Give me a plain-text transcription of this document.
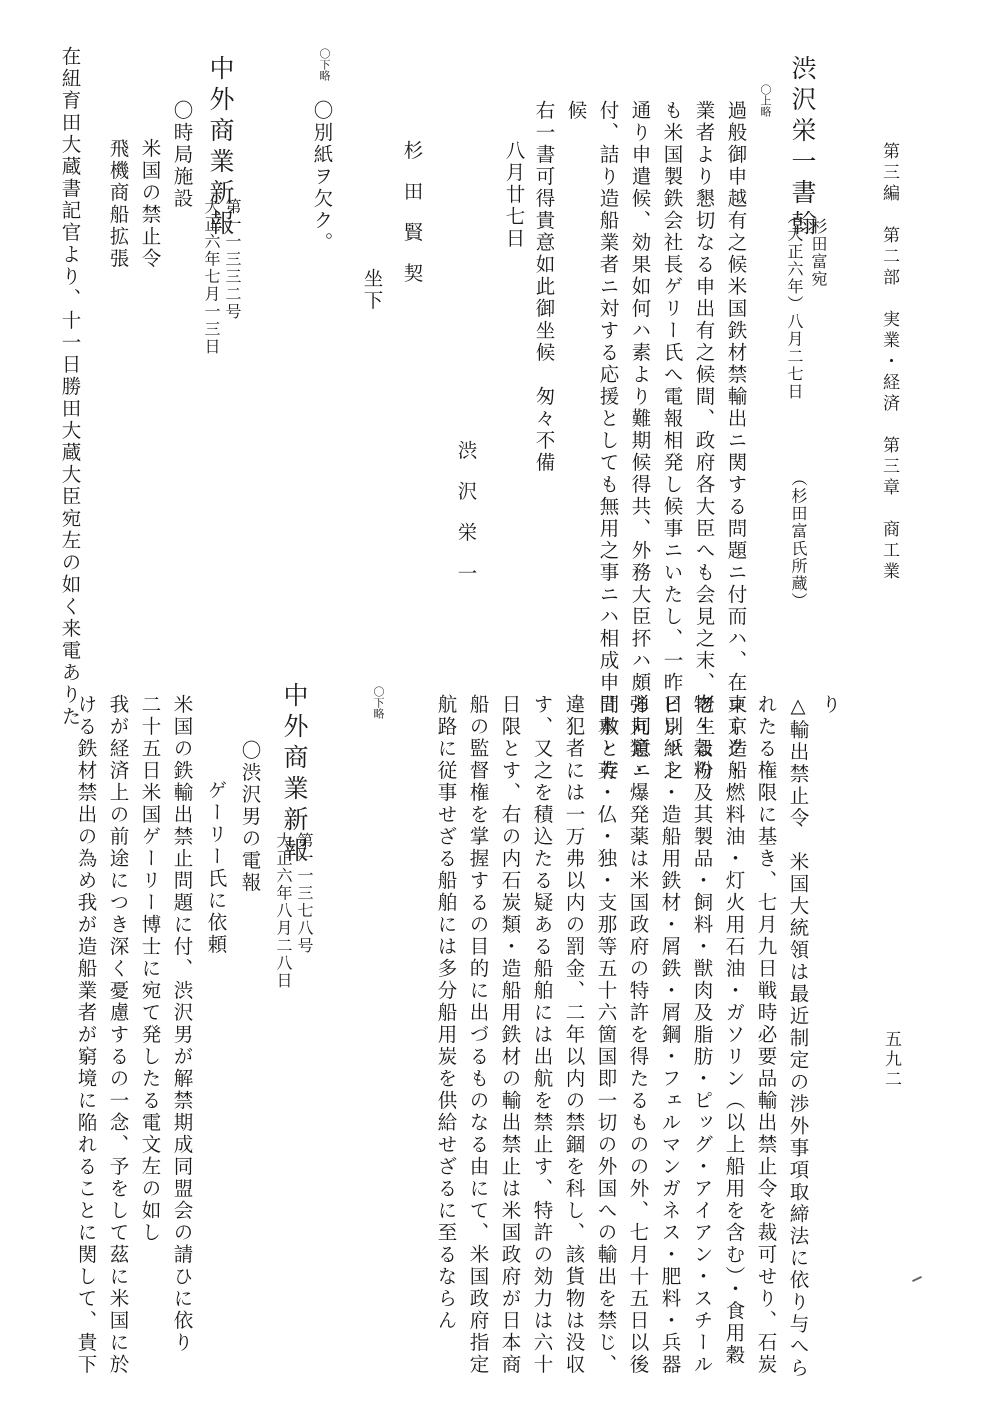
第三編　第二部　実業・経済　第三章　商工業
五九二
渋沢栄一書翰
杉田富宛
（大正六年）八月二七日
（杉田富氏所蔵）
〇上略
過般御申越有之候米国鉄材禁輸出ニ関する問題ニ付而ハ、在東京造船
業者より懇切なる申出有之候間、政府各大臣へも会見之末、老生より
も米国製鉄会社長ゲリー氏へ電報相発し候事ニいたし、一昨日別紙之
通り申遣候、効果如何ハ素より難期候得共、外務大臣抔ハ頗る同意ニ
付、詰り造船業者ニ対する応援としても無用之事ニハ相成申間敷と存
候
右一書可得貴意如此御坐候　匆々不備
八月廿七日
渋　沢　栄　一
杉　田　賢　契
坐下
〇別紙ヲ欠ク。
〇下略
中外商業新報
第一一三三二号
大正六年七月一三日
〇時局施設
米国の禁止令
飛機商船拡張
在紐育田大蔵書記官より、十一日勝田大蔵大臣宛左の如く来電ありた	り
△輸出禁止令　米国大統領は最近制定の渉外事項取締法に依り与へら
れたる権限に基き、七月九日戦時必要品輸出禁止令を裁可せり、石炭
コーク・燃料油・灯火用石油・ガソリン（以上船用を含む）・食用穀
物・穀粉及其製品・飼料・獣肉及脂肪・ピッグ・アイアン・スチール
ビレット・造船用鉄材・屑鉄・屑鋼・フェルマンガネス・肥料・兵器
弾丸類・爆発薬は米国政府の特許を得たるものの外、七月十五日以後
日本・英・仏・独・支那等五十六箇国即一切の外国への輸出を禁じ、
違犯者には一万弗以内の罰金、二年以内の禁錮を科し、該貨物は没収
す、又之を積込たる疑ある船舶には出航を禁止す、特許の効力は六十
日限とす、右の内石炭類・造船用鉄材の輸出禁止は米国政府が日本商
船の監督権を掌握するの目的に出づるものなる由にて、米国政府指定
航路に従事せざる船舶には多分船用炭を供給せざるに至るならん
〇下略
中外商業新報
第一一三七八号
大正六年八月二八日
〇渋沢男の電報
ゲーリー氏に依頼
米国の鉄輸出禁止問題に付、渋沢男が解禁期成同盟会の請ひに依り
二十五日米国ゲーリー博士に宛て発したる電文左の如し
我が経済上の前途につき深く憂慮するの一念、予をして茲に米国に於
ける鉄材禁出の為め我が造船業者が窮境に陥れることに関して、貴下
